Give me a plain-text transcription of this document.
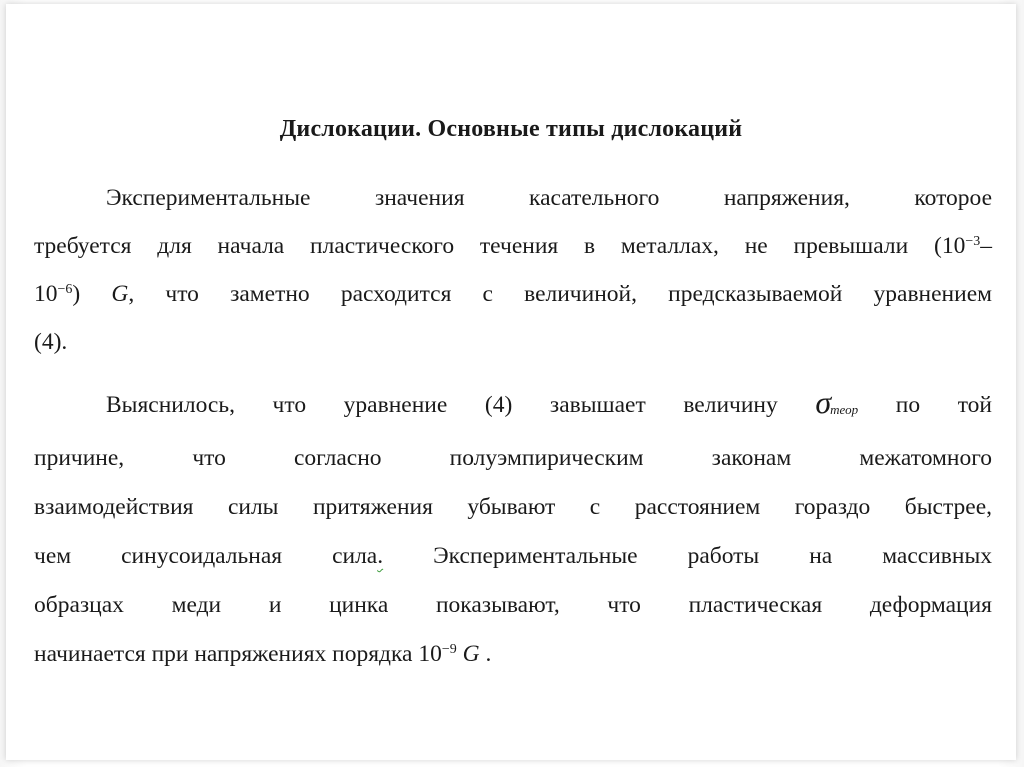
Дислокации. Основные типы дислокаций

Экспериментальные значения касательного напряжения, которое
требуется для начала пластического течения в металлах, не превышали ($10^{-3}-$
$10^{-6}$) G, что заметно расходится с величиной, предсказываемой уравнением
(4).

Выяснилось, что уравнение (4) завышает величину σтеор по той
причине, что согласно полуэмпирическим законам межатомного
взаимодействия силы притяжения убывают с расстоянием гораздо быстрее,
чем синусоидальная сила. Экспериментальные работы на массивных
образцах меди и цинка показывают, что пластическая деформация
начинается при напряжениях порядка $10^{-9}$ G .
